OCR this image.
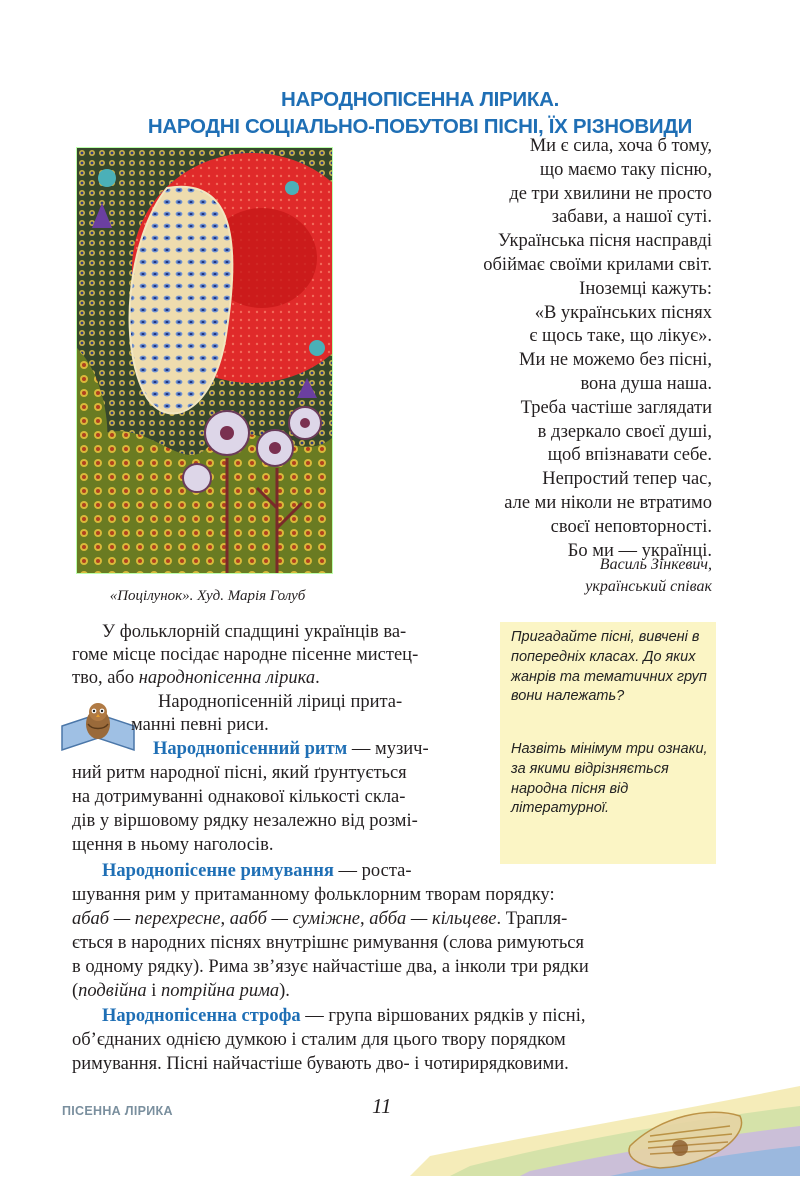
НАРОДНОПІСЕННА ЛІРИКА.
НАРОДНІ СОЦІАЛЬНО-ПОБУТОВІ ПІСНІ, ЇХ РІЗНОВИДИ
«Поцілунок». Худ. Марія Голуб
Ми є сила, хоча б тому,
що маємо таку пісню,
де три хвилини не просто
забави, а нашої суті.
Українська пісня насправді
обіймає своїми крилами світ.
Іноземці кажуть:
«В українських піснях
є щось таке, що лікує».
Ми не можемо без пісні,
вона душа наша.
Треба частіше заглядати
в дзеркало своєї душі,
щоб впізнавати себе.
Непростий тепер час,
але ми ніколи не втратимо
своєї неповторності.
Бо ми — українці.
Василь Зінкевич,
український співак

Пригадайте пісні, вивчені в попередніх класах. До яких жанрів та тематичних груп вони належать?

Назвіть мінімум три ознаки, за якими відрізняється народна пісня від літературної.

У фольклорній спадщині українців ва-
гоме місце посідає народне пісенне мистец-
тво, або народнопісенна лірика.
Народнопісенній ліриці прита-
манні певні риси.
Народнопісенний ритм — музич-
ний ритм народної пісні, який ґрунтується
на дотримуванні однакової кількості скла-
дів у віршовому рядку незалежно від розмі-
щення в ньому наголосів.
Народнопісенне римування — роста-
шування рим у притаманному фольклорним творам порядку:
абаб — перехресне, аабб — суміжне, абба — кільцеве. Трапля-
ється в народних піснях внутрішнє римування (слова римуються
в одному рядку). Рима зв’язує найчастіше два, а інколи три рядки
(подвійна і потрійна рима).
Народнопісенна строфа — група віршованих рядків у пісні,
об’єднаних однією думкою і сталим для цього твору порядком
римування. Пісні найчастіше бувають дво- і чотирирядковими.
ПІСЕННА ЛІРИКА	11
